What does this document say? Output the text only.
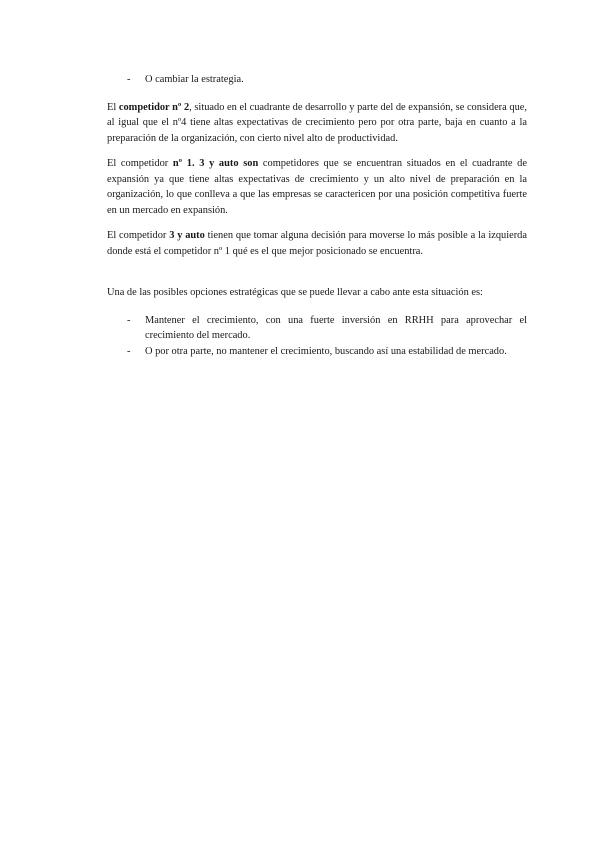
- O cambiar la estrategia.

El competidor nº 2, situado en el cuadrante de desarrollo y parte del de expansión, se considera que, al igual que el nº4 tiene altas expectativas de crecimiento pero por otra parte, baja en cuanto a la preparación de la organización, con cierto nivel alto de productividad.

El competidor nº 1. 3 y auto son competidores que se encuentran situados en el cuadrante de expansión ya que tiene altas expectativas de crecimiento y un alto nivel de preparación en la organización, lo que conlleva a que las empresas se caractericen por una posición competitiva fuerte en un mercado en expansión.

El competidor 3 y auto tienen que tomar alguna decisión para moverse lo más posible a la izquierda donde está el competidor nº 1 qué es el que mejor posicionado se encuentra.

Una de las posibles opciones estratégicas que se puede llevar a cabo ante esta situación es:

- Mantener el crecimiento, con una fuerte inversión en RRHH para aprovechar el crecimiento del mercado.
- O por otra parte, no mantener el crecimiento, buscando así una estabilidad de mercado.
